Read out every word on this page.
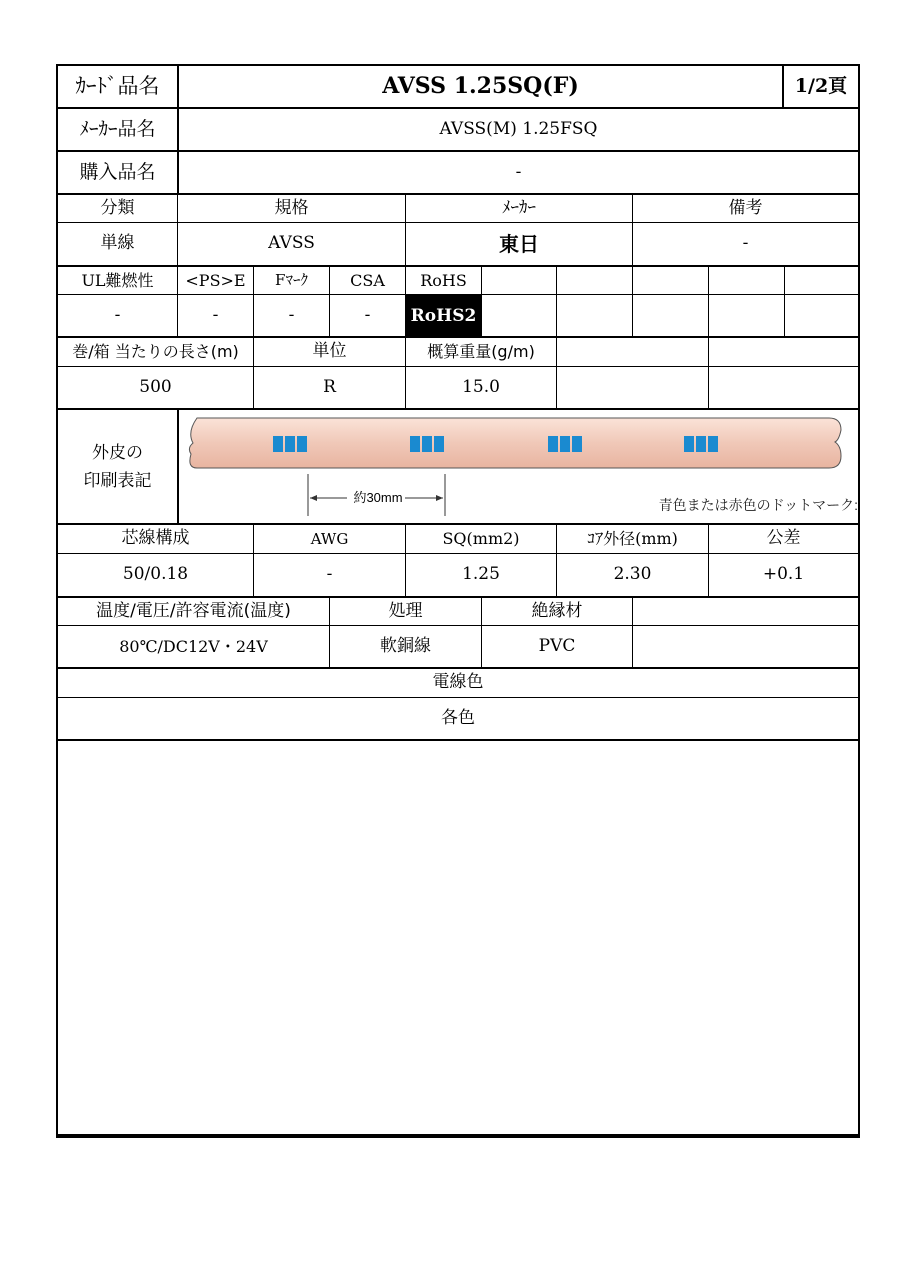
ｶｰﾄﾞ品名	AVSS 1.25SQ(F)	1/2頁
ﾒｰｶｰ品名	AVSS(M) 1.25FSQ
購入品名	-
分類	規格	ﾒｰｶｰ	備考
単線	AVSS	東日	-
UL難燃性	<PS>E	Fﾏｰｸ	CSA	RoHS
-	-	-	-	RoHS2
巻/箱 当たりの長さ(m)	単位	概算重量(g/m)
500	R	15.0
外皮の
印刷表記
約30mm	青色または赤色のドットマーク:
芯線構成	AWG	SQ(mm2)	ｺｱ外径(mm)	公差
50/0.18	-	1.25	2.30	+0.1
温度/電圧/許容電流(温度)	処理	絶縁材
80℃/DC12V・24V	軟銅線	PVC
電線色
各色
